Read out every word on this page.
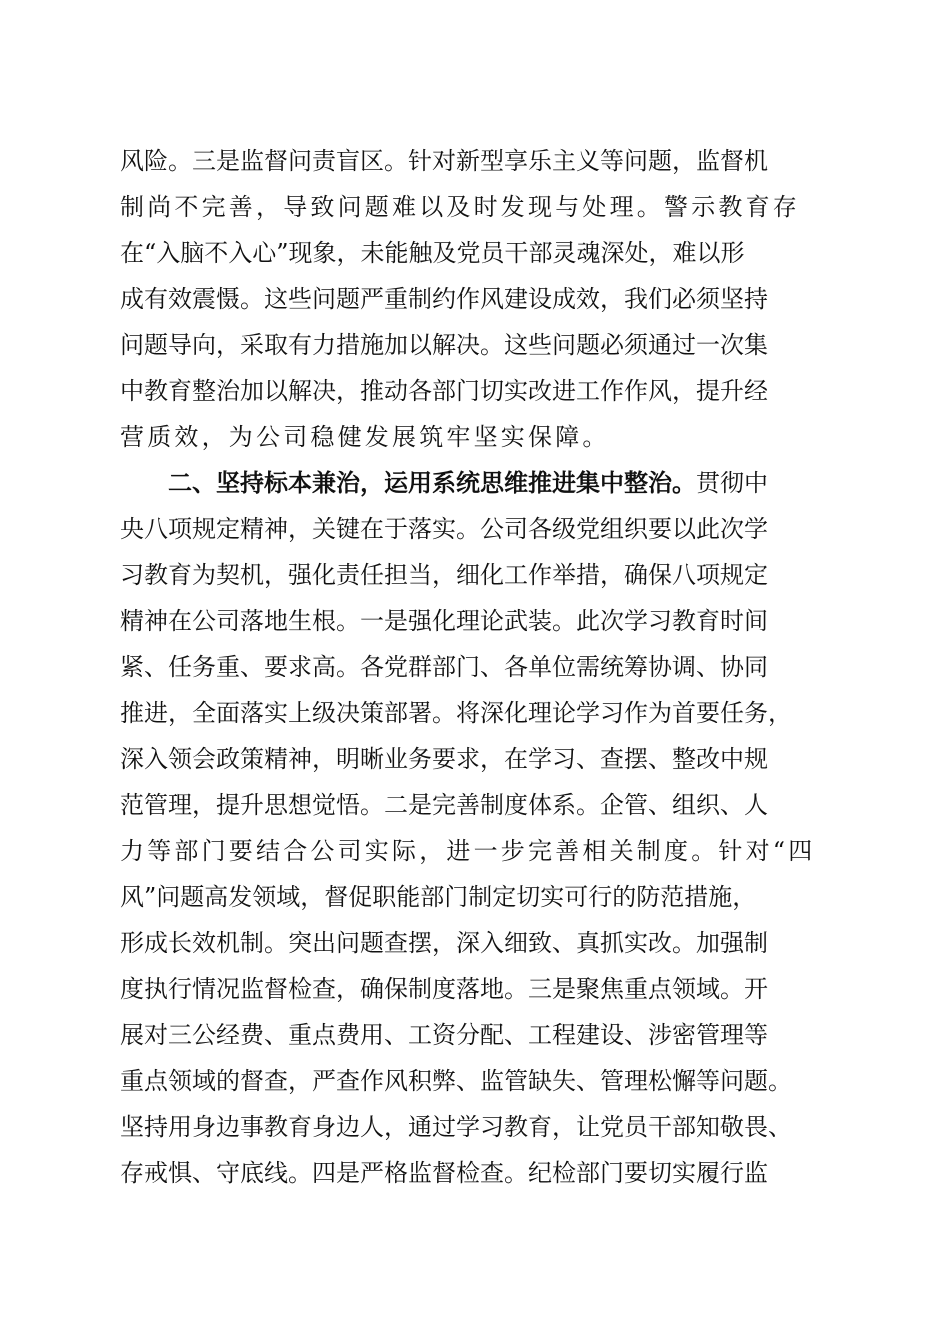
风险。三是监督问责盲区。针对新型享乐主义等问题，监督机
制尚不完善，导致问题难以及时发现与处理。警示教育存
在“入脑不入心”现象，未能触及党员干部灵魂深处，难以形
成有效震慑。这些问题严重制约作风建设成效，我们必须坚持
问题导向，采取有力措施加以解决。这些问题必须通过一次集
中教育整治加以解决，推动各部门切实改进工作作风，提升经
营质效，为公司稳健发展筑牢坚实保障。
二、坚持标本兼治，运用系统思维推进集中整治。贯彻中
央八项规定精神，关键在于落实。公司各级党组织要以此次学
习教育为契机，强化责任担当，细化工作举措，确保八项规定
精神在公司落地生根。一是强化理论武装。此次学习教育时间
紧、任务重、要求高。各党群部门、各单位需统筹协调、协同
推进，全面落实上级决策部署。将深化理论学习作为首要任务，
深入领会政策精神，明晰业务要求，在学习、查摆、整改中规
范管理，提升思想觉悟。二是完善制度体系。企管、组织、人
力等部门要结合公司实际，进一步完善相关制度。针对“四
风”问题高发领域，督促职能部门制定切实可行的防范措施，
形成长效机制。突出问题查摆，深入细致、真抓实改。加强制
度执行情况监督检查，确保制度落地。三是聚焦重点领域。开
展对三公经费、重点费用、工资分配、工程建设、涉密管理等
重点领域的督查，严查作风积弊、监管缺失、管理松懈等问题。
坚持用身边事教育身边人，通过学习教育，让党员干部知敬畏、
存戒惧、守底线。四是严格监督检查。纪检部门要切实履行监
